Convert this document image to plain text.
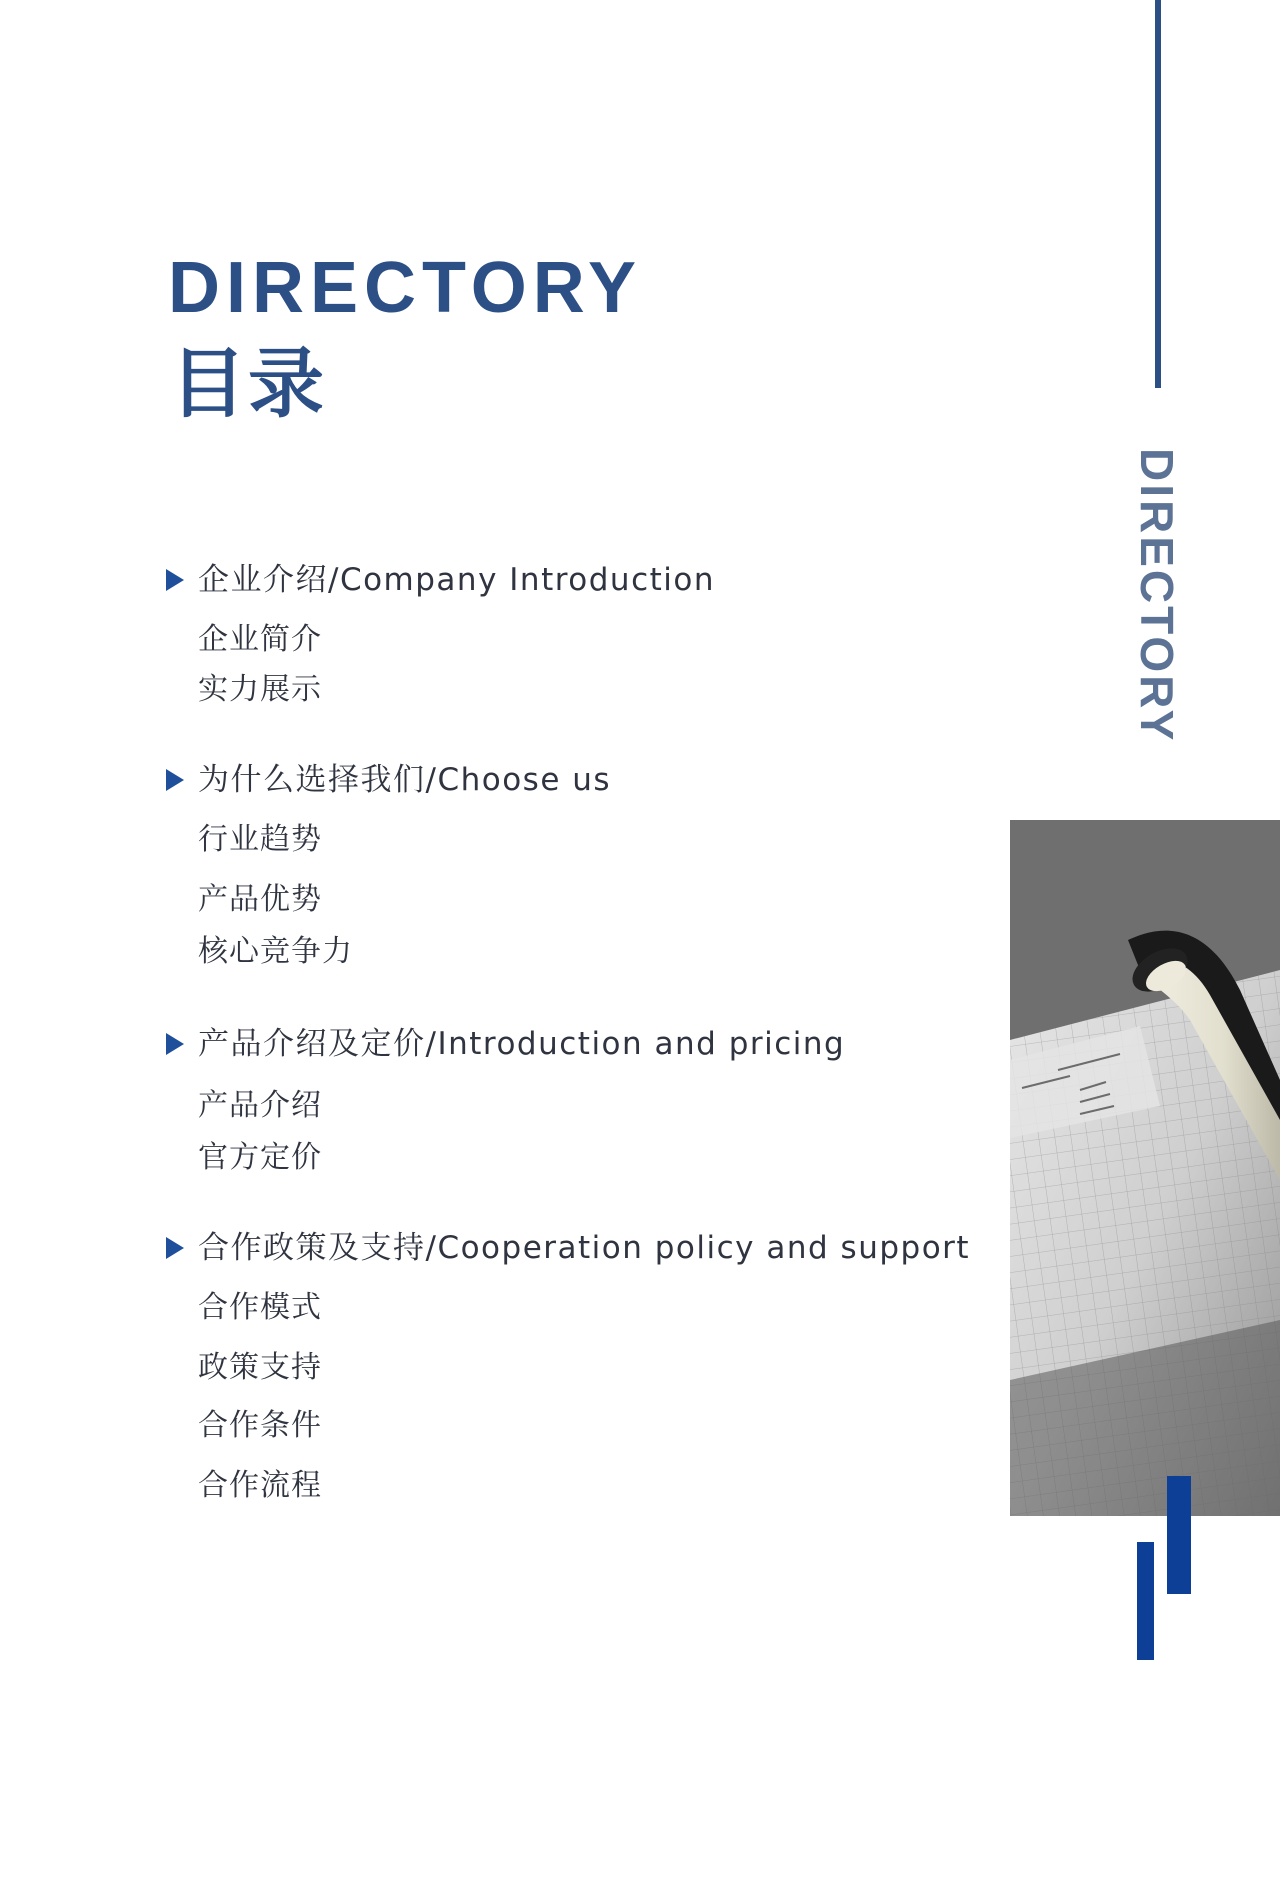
DIRECTORY
目录
DIRECTORY
企业介绍/Company Introduction
企业简介
实力展示
为什么选择我们/Choose us
行业趋势
产品优势
核心竞争力
产品介绍及定价/Introduction and pricing
产品介绍
官方定价
合作政策及支持/Cooperation policy and support
合作模式
政策支持
合作条件
合作流程
